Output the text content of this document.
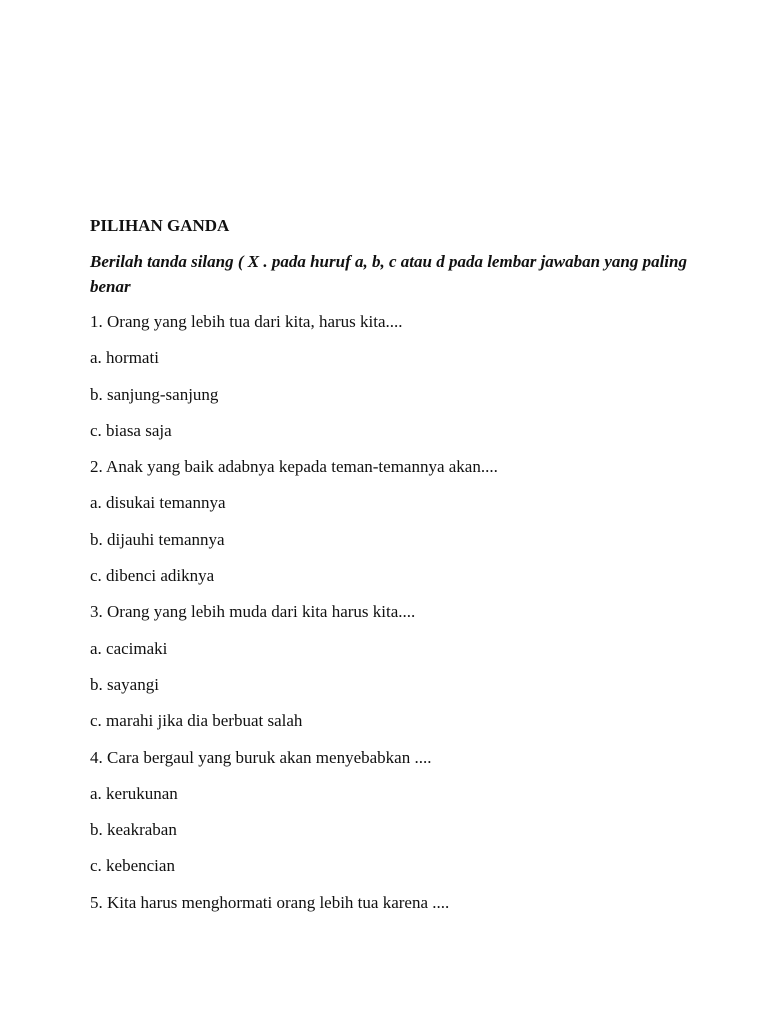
PILIHAN GANDA
Berilah tanda silang ( X . pada huruf a, b, c atau d pada lembar jawaban yang paling benar
1. Orang yang lebih tua dari kita, harus kita....
a. hormati
b. sanjung-sanjung
c. biasa saja
2. Anak yang baik adabnya kepada teman-temannya akan....
a. disukai temannya
b. dijauhi temannya
c. dibenci adiknya
3. Orang yang lebih muda dari kita harus kita....
a. cacimaki
b. sayangi
c. marahi jika dia berbuat salah
4. Cara bergaul yang buruk akan menyebabkan ....
a. kerukunan
b. keakraban
c. kebencian
5. Kita harus menghormati orang lebih tua karena ....
